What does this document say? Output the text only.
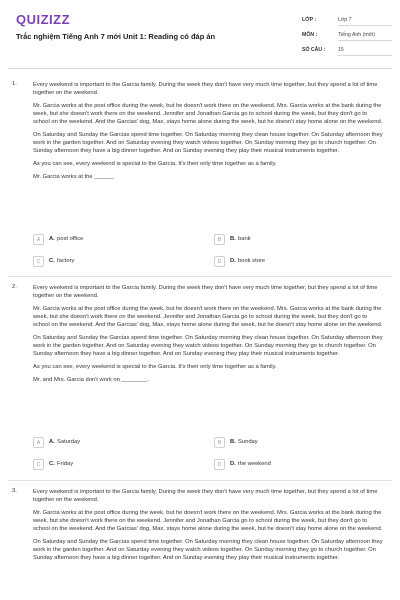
QUIZIZZ
Trắc nghiệm Tiếng Anh 7 mới Unit 1: Reading có đáp án
LỚP :	Lớp 7
MÔN :	Tiếng Anh (mới)
SỐ CÂU : 15
1.	Every weekend is important to the Garcia family. During the week they don't have very much time together, but they spend a lot of time together on the weekend.

Mr. Garcia works at the post office during the week, but he doesn't work there on the weekend. Mrs. Garcia works at the bank during the week, but she doesn't work there on the weekend. Jennifer and Jonathan Garcia go to school during the week, but they don't go to school on the weekend. And the Garcias' dog, Max, stays home alone during the week, but he doesn't stay home alone on the weekend.

On Saturday and Sunday the Garcias spend time together. On Saturday morning they clean house together. On Saturday afternoon they work in the garden together. And on Saturday evening they watch videos together. On Sunday morning they go to church together. On Sunday afternoon they have a big dinner together. And on Sunday evening they play their musical instruments together.

As you can see, every weekend is special to the Garcia. It's their only time together as a family.

Mr. Garcia works at the ______

A	A. post office	B	B. bank
C	C. factory	D	D. book store
2.	Every weekend is important to the Garcia family. During the week they don't have very much time together, but they spend a lot of time together on the weekend.

Mr. Garcia works at the post office during the week, but he doesn't work there on the weekend. Mrs. Garcia works at the bank during the week, but she doesn't work there on the weekend. Jennifer and Jonathan Garcia go to school during the week, but they don't go to school on the weekend. And the Garcias' dog, Max, stays home alone during the week, but he doesn't stay home alone on the weekend.

On Saturday and Sunday the Garcias spend time together. On Saturday morning they clean house together. On Saturday afternoon they work in the garden together. And on Saturday evening they watch videos together. On Sunday morning they go to church together. On Sunday afternoon they have a big dinner together. And on Sunday evening they play their musical instruments together.

As you can see, every weekend is special to the Garcia. It's their only time together as a family.

Mr. and Mrs. Garcia don't work on ________.

A	A. Saturday	B	B. Sunday
C	C. Friday	D	D. the weekend
3.	Every weekend is important to the Garcia family. During the week they don't have very much time together, but they spend a lot of time together on the weekend.

Mr. Garcia works at the post office during the week, but he doesn't work there on the weekend. Mrs. Garcia works at the bank during the week, but she doesn't work there on the weekend. Jennifer and Jonathan Garcia go to school during the week, but they don't go to school on the weekend. And the Garcias' dog, Max, stays home alone during the week, but he doesn't stay home alone on the weekend.

On Saturday and Sunday the Garcias spend time together. On Saturday morning they clean house together. On Saturday afternoon they work in the garden together. And on Saturday evening they watch videos together. On Sunday morning they go to church together. On Sunday afternoon they have a big dinner together. And on Sunday evening they play their musical instruments together.
